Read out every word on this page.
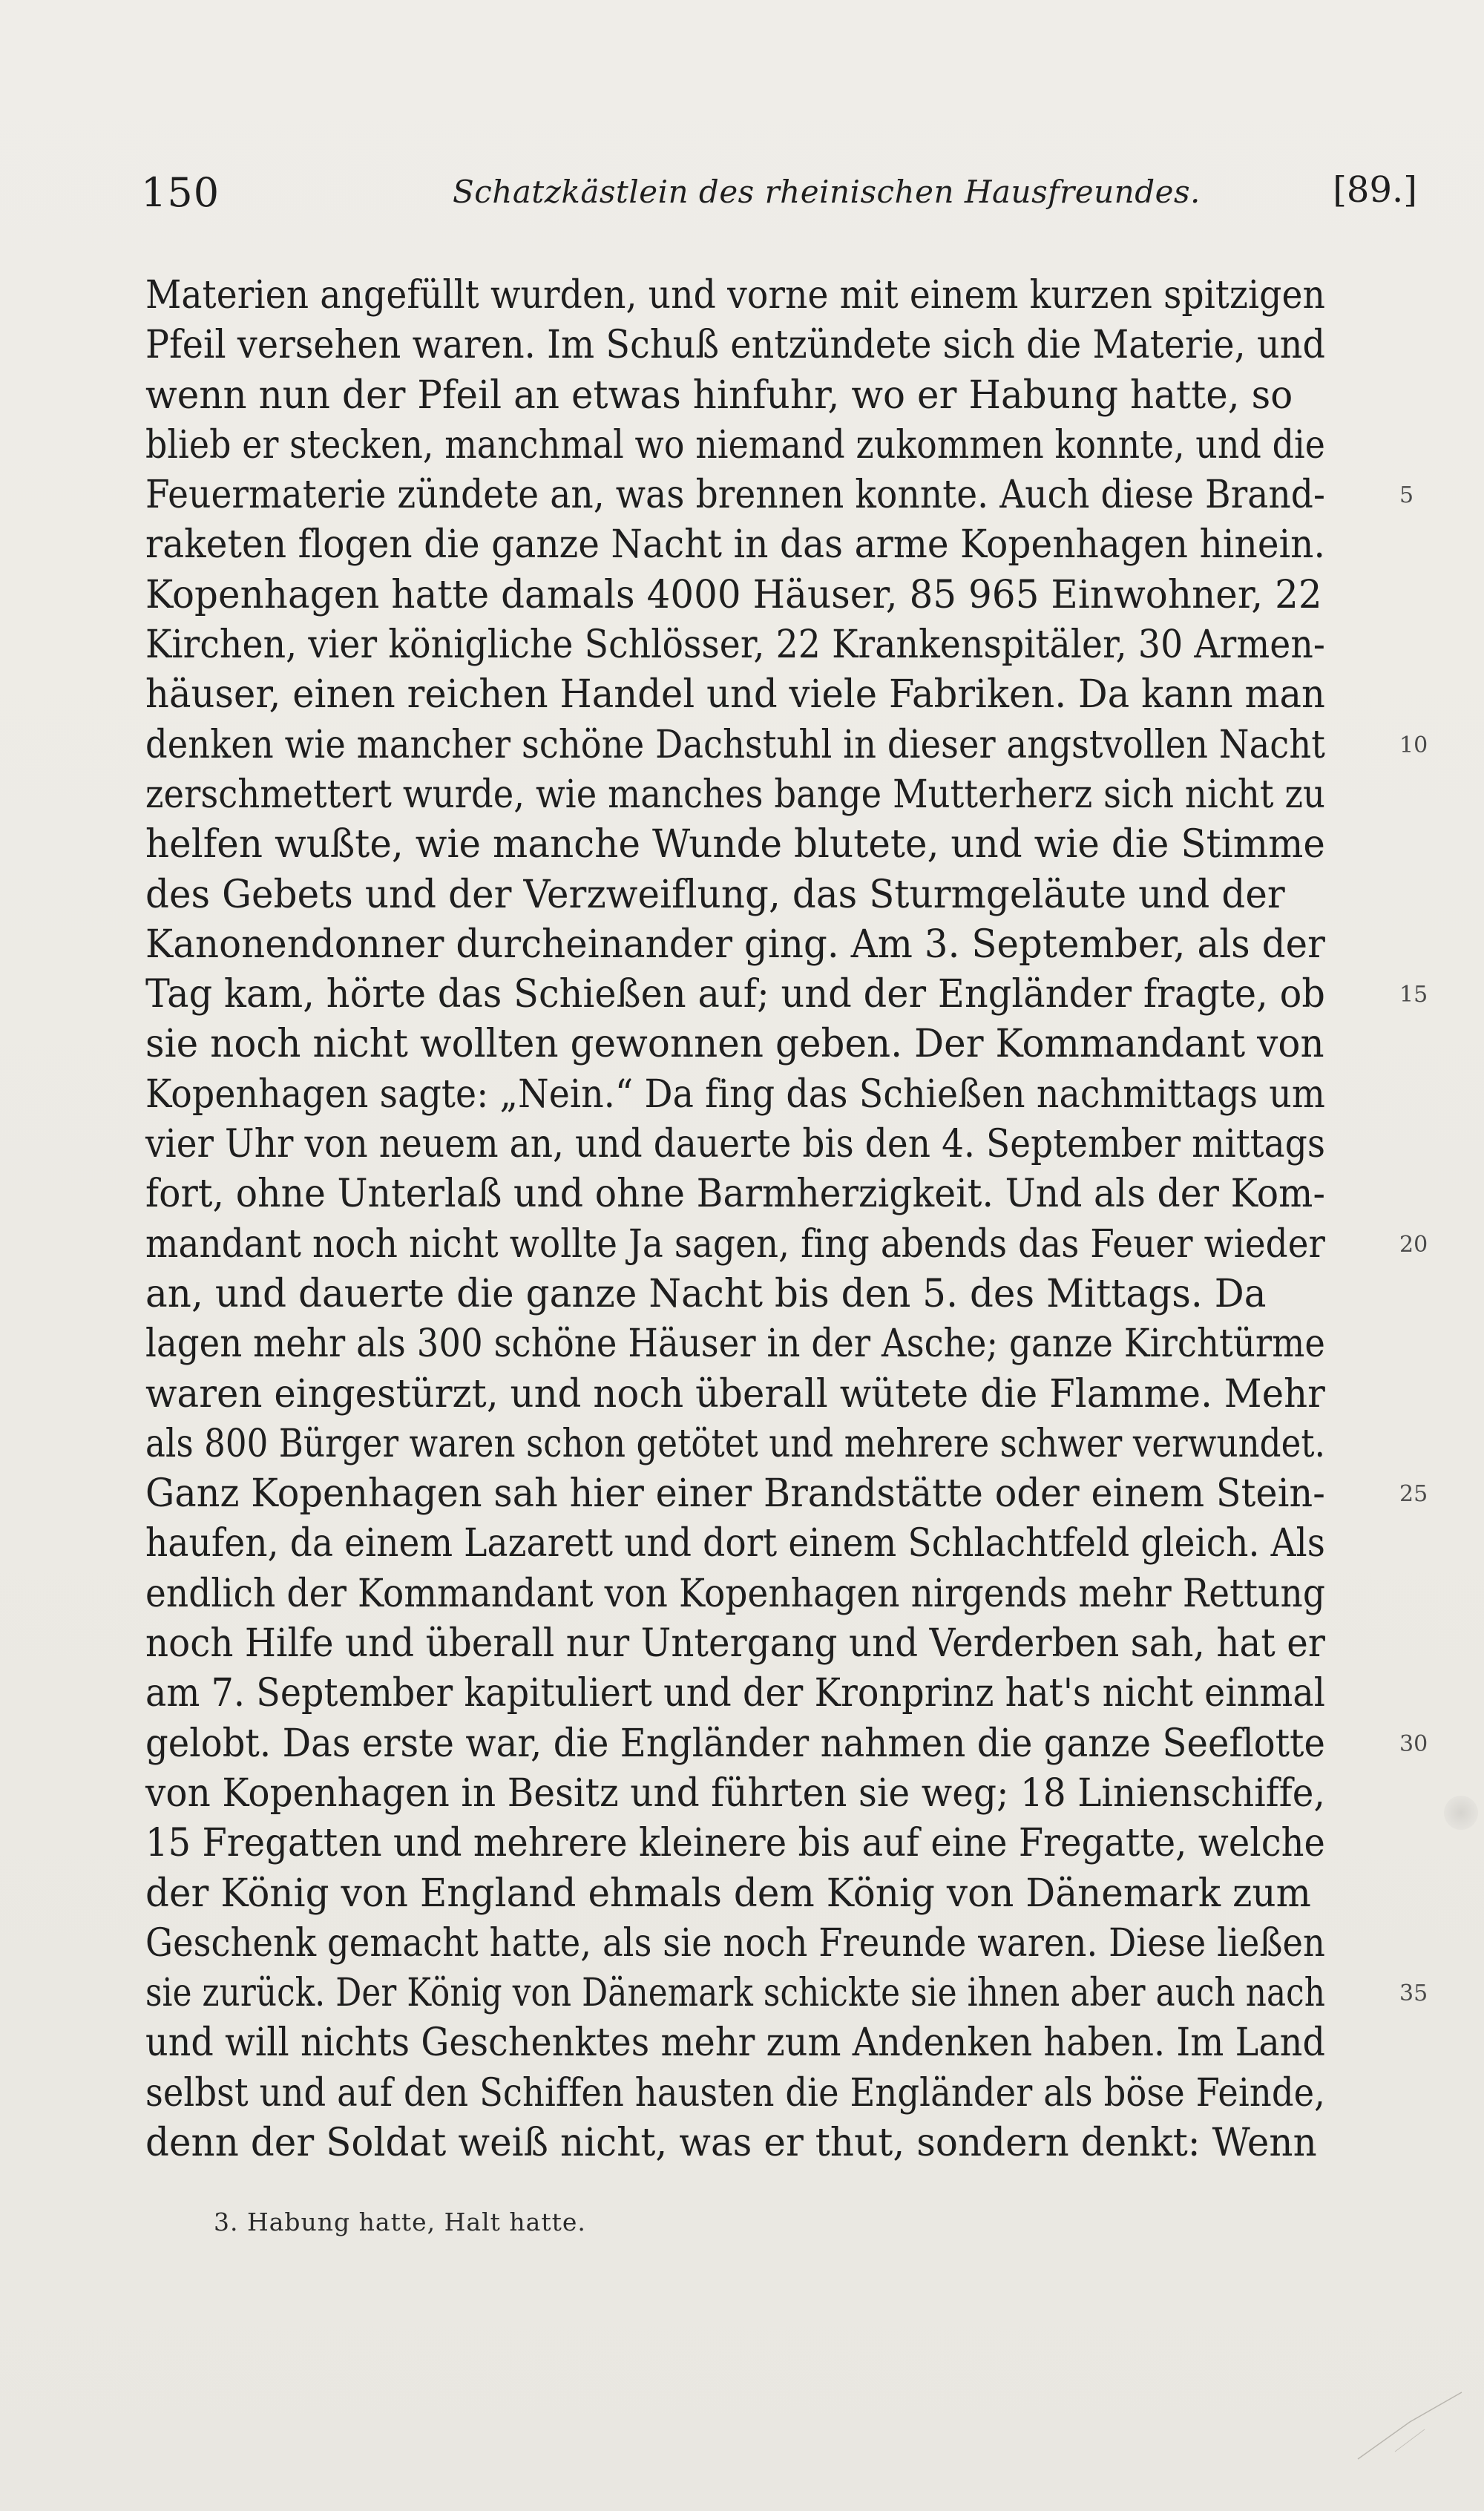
150	Schatzkästlein des rheinischen Hausfreundes.	[89.]
Materien angefüllt wurden, und vorne mit einem kurzen spitzigen
Pfeil versehen waren. Im Schuß entzündete sich die Materie, und
wenn nun der Pfeil an etwas hinfuhr, wo er Habung hatte, so
blieb er stecken, manchmal wo niemand zukommen konnte, und die
Feuermaterie zündete an, was brennen konnte. Auch diese Brand-	5
raketen flogen die ganze Nacht in das arme Kopenhagen hinein.
Kopenhagen hatte damals 4000 Häuser, 85 965 Einwohner, 22
Kirchen, vier königliche Schlösser, 22 Krankenspitäler, 30 Armen-
häuser, einen reichen Handel und viele Fabriken. Da kann man
denken wie mancher schöne Dachstuhl in dieser angstvollen Nacht	10
zerschmettert wurde, wie manches bange Mutterherz sich nicht zu
helfen wußte, wie manche Wunde blutete, und wie die Stimme
des Gebets und der Verzweiflung, das Sturmgeläute und der
Kanonendonner durcheinander ging. Am 3. September, als der
Tag kam, hörte das Schießen auf; und der Engländer fragte, ob	15
sie noch nicht wollten gewonnen geben. Der Kommandant von
Kopenhagen sagte: „Nein.“ Da fing das Schießen nachmittags um
vier Uhr von neuem an, und dauerte bis den 4. September mittags
fort, ohne Unterlaß und ohne Barmherzigkeit. Und als der Kom-
mandant noch nicht wollte Ja sagen, fing abends das Feuer wieder	20
an, und dauerte die ganze Nacht bis den 5. des Mittags. Da
lagen mehr als 300 schöne Häuser in der Asche; ganze Kirchtürme
waren eingestürzt, und noch überall wütete die Flamme. Mehr
als 800 Bürger waren schon getötet und mehrere schwer verwundet.
Ganz Kopenhagen sah hier einer Brandstätte oder einem Stein-	25
haufen, da einem Lazarett und dort einem Schlachtfeld gleich. Als
endlich der Kommandant von Kopenhagen nirgends mehr Rettung
noch Hilfe und überall nur Untergang und Verderben sah, hat er
am 7. September kapituliert und der Kronprinz hat's nicht einmal
gelobt. Das erste war, die Engländer nahmen die ganze Seeflotte	30
von Kopenhagen in Besitz und führten sie weg; 18 Linienschiffe,
15 Fregatten und mehrere kleinere bis auf eine Fregatte, welche
der König von England ehmals dem König von Dänemark zum
Geschenk gemacht hatte, als sie noch Freunde waren. Diese ließen
sie zurück. Der König von Dänemark schickte sie ihnen aber auch nach	35
und will nichts Geschenktes mehr zum Andenken haben. Im Land
selbst und auf den Schiffen hausten die Engländer als böse Feinde,
denn der Soldat weiß nicht, was er thut, sondern denkt: Wenn
3. Habung hatte, Halt hatte.
